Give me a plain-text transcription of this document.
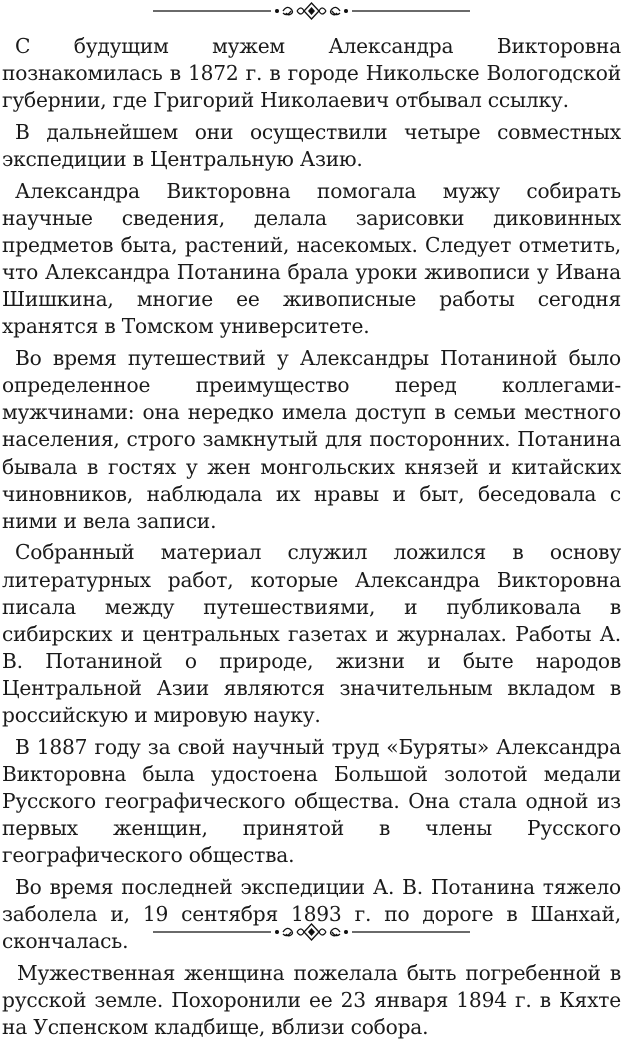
С будущим мужем Александра Викторовна познакомилась в 1872 г. в городе Никольске Вологодской губернии, где Григорий Николаевич отбывал ссылку.

В дальнейшем они осуществили четыре совместных экспедиции в Центральную Азию.

Александра Викторовна помогала мужу собирать научные сведения, делала зарисовки диковинных предметов быта, растений, насекомых. Следует отметить, что Александра Потанина брала уроки живописи у Ивана Шишкина, многие ее живописные работы сегодня хранятся в Томском университете.

Во время путешествий у Александры Потаниной было определенное преимущество перед коллегами-мужчинами: она нередко имела доступ в семьи местного населения, строго замкнутый для посторонних. Потанина бывала в гостях у жен монгольских князей и китайских чиновников, наблюдала их нравы и быт, беседовала с ними и вела записи.

Собранный материал служил ложился в основу литературных работ, которые Александра Викторовна писала между путешествиями, и публиковала в сибирских и центральных газетах и журналах. Работы А. В. Потаниной о природе, жизни и быте народов Центральной Азии являются значительным вкладом в российскую и мировую науку.

В 1887 году за свой научный труд «Буряты» Александра Викторовна была удостоена Большой золотой медали Русского географического общества. Она стала одной из первых женщин, принятой в члены Русского географического общества.

Во время последней экспедиции А. В. Потанина тяжело заболела и, 19 сентября 1893 г. по дороге в Шанхай, скончалась.

Мужественная женщина пожелала быть погребенной в русской земле. Похоронили ее 23 января 1894 г. в Кяхте на Успенском кладбище, вблизи собора.
